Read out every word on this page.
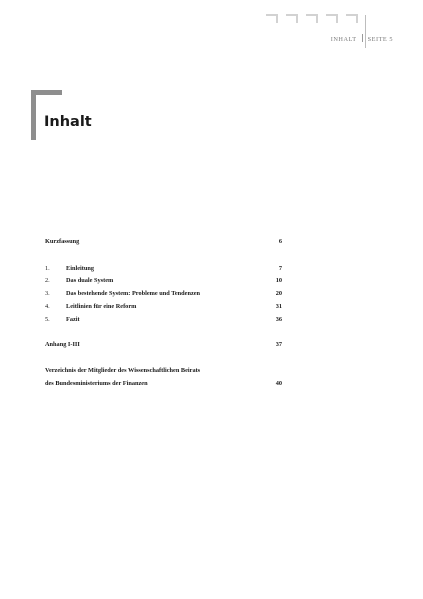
INHALT SEITE 5
Inhalt
Kurzfassung	6
1.	Einleitung	7
2.	Das duale System	10
3.	Das bestehende System: Probleme und Tendenzen	20
4.	Leitlinien für eine Reform	31
5.	Fazit	36
Anhang I-III	37
Verzeichnis der Mitglieder des Wissenschaftlichen Beirats
des Bundesministeriums der Finanzen	40
